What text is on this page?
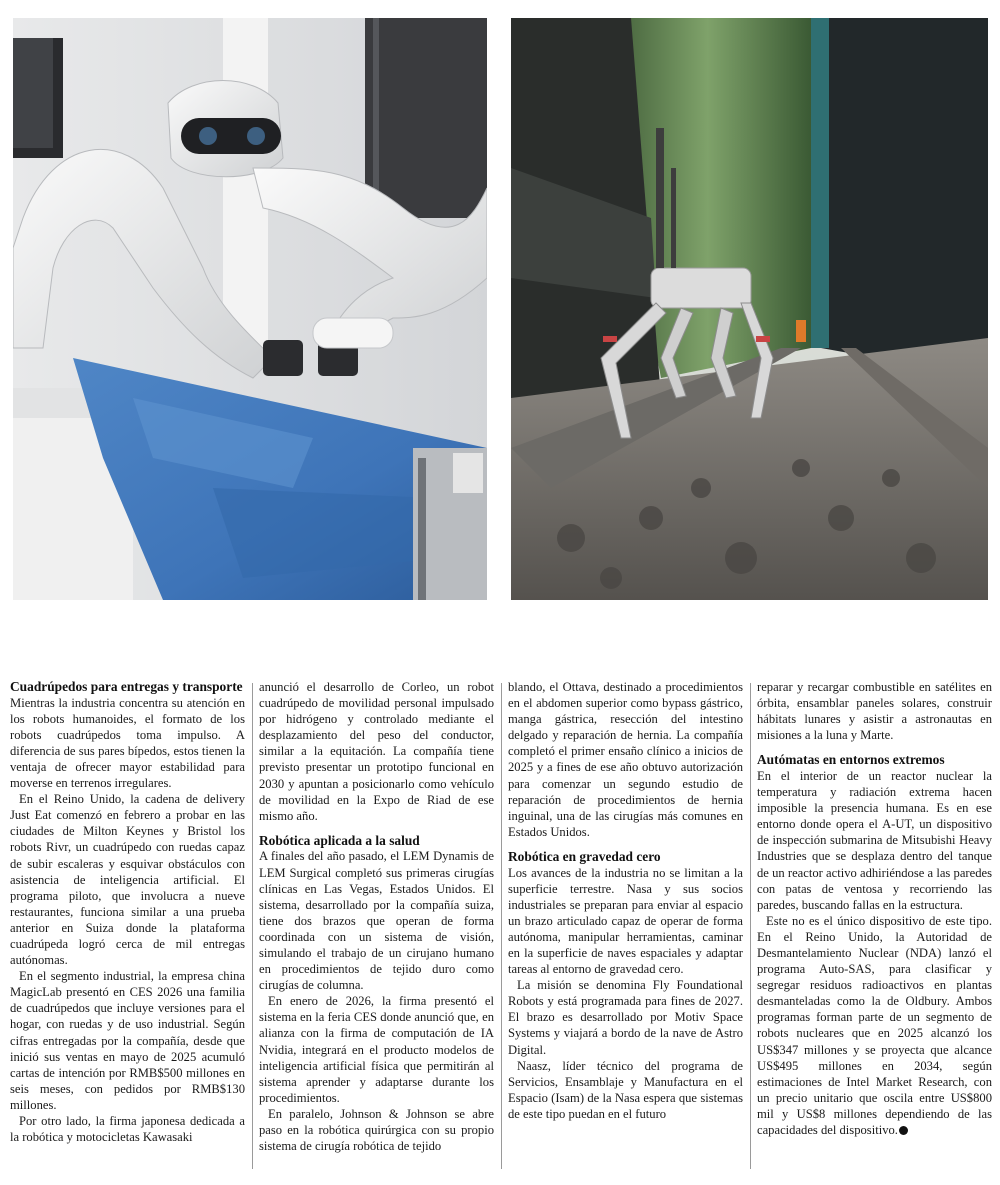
Cuadrúpedos para entregas y transporte

Mientras la industria concentra su atención en los robots humanoides, el formato de los robots cuadrúpedos toma impulso. A diferencia de sus pares bípedos, estos tienen la ventaja de ofrecer mayor estabilidad para moverse en terrenos irregulares.

En el Reino Unido, la cadena de delivery Just Eat comenzó en febrero a probar en las ciudades de Milton Keynes y Bristol los robots Rivr, un cuadrúpedo con ruedas capaz de subir escaleras y esquivar obstáculos con asistencia de inteligencia artificial. El programa piloto, que involucra a nueve restaurantes, funciona similar a una prueba anterior en Suiza donde la plataforma cuadrúpeda logró cerca de mil entregas autónomas.

En el segmento industrial, la empresa china MagicLab presentó en CES 2026 una familia de cuadrúpedos que incluye versiones para el hogar, con ruedas y de uso industrial. Según cifras entregadas por la compañía, desde que inició sus ventas en mayo de 2025 acumuló cartas de intención por RMB$500 millones en seis meses, con pedidos por RMB$130 millones.

Por otro lado, la firma japonesa dedicada a la robótica y motocicletas Kawasaki

anunció el desarrollo de Corleo, un robot cuadrúpedo de movilidad personal impulsado por hidrógeno y controlado mediante el desplazamiento del peso del conductor, similar a la equitación. La compañía tiene previsto presentar un prototipo funcional en 2030 y apuntan a posicionarlo como vehículo de movilidad en la Expo de Riad de ese mismo año.

Robótica aplicada a la salud

A finales del año pasado, el LEM Dynamis de LEM Surgical completó sus primeras cirugías clínicas en Las Vegas, Estados Unidos. El sistema, desarrollado por la compañía suiza, tiene dos brazos que operan de forma coordinada con un sistema de visión, simulando el trabajo de un cirujano humano en procedimientos de tejido duro como cirugías de columna.

En enero de 2026, la firma presentó el sistema en la feria CES donde anunció que, en alianza con la firma de computación de IA Nvidia, integrará en el producto modelos de inteligencia artificial física que permitirán al sistema aprender y adaptarse durante los procedimientos.

En paralelo, Johnson & Johnson se abre paso en la robótica quirúrgica con su propio sistema de cirugía robótica de tejido

blando, el Ottava, destinado a procedimientos en el abdomen superior como bypass gástrico, manga gástrica, resección del intestino delgado y reparación de hernia. La compañía completó el primer ensaño clínico a inicios de 2025 y a fines de ese año obtuvo autorización para comenzar un segundo estudio de reparación de procedimientos de hernia inguinal, una de las cirugías más comunes en Estados Unidos.

Robótica en gravedad cero

Los avances de la industria no se limitan a la superficie terrestre. Nasa y sus socios industriales se preparan para enviar al espacio un brazo articulado capaz de operar de forma autónoma, manipular herramientas, caminar en la superficie de naves espaciales y adaptar tareas al entorno de gravedad cero.

La misión se denomina Fly Foundational Robots y está programada para fines de 2027. El brazo es desarrollado por Motiv Space Systems y viajará a bordo de la nave de Astro Digital.

Naasz, líder técnico del programa de Servicios, Ensamblaje y Manufactura en el Espacio (Isam) de la Nasa espera que sistemas de este tipo puedan en el futuro

reparar y recargar combustible en satélites en órbita, ensamblar paneles solares, construir hábitats lunares y asistir a astronautas en misiones a la luna y Marte.

Autómatas en entornos extremos

En el interior de un reactor nuclear la temperatura y radiación extrema hacen imposible la presencia humana. Es en ese entorno donde opera el A-UT, un dispositivo de inspección submarina de Mitsubishi Heavy Industries que se desplaza dentro del tanque de un reactor activo adhiriéndose a las paredes con patas de ventosa y recorriendo las paredes, buscando fallas en la estructura.

Este no es el único dispositivo de este tipo. En el Reino Unido, la Autoridad de Desmantelamiento Nuclear (NDA) lanzó el programa Auto-SAS, para clasificar y segregar residuos radioactivos en plantas desmanteladas como la de Oldbury. Ambos programas forman parte de un segmento de robots nucleares que en 2025 alcanzó los US$347 millones y se proyecta que alcance US$495 millones en 2034, según estimaciones de Intel Market Research, con un precio unitario que oscila entre US$800 mil y US$8 millones dependiendo de las capacidades del dispositivo.
